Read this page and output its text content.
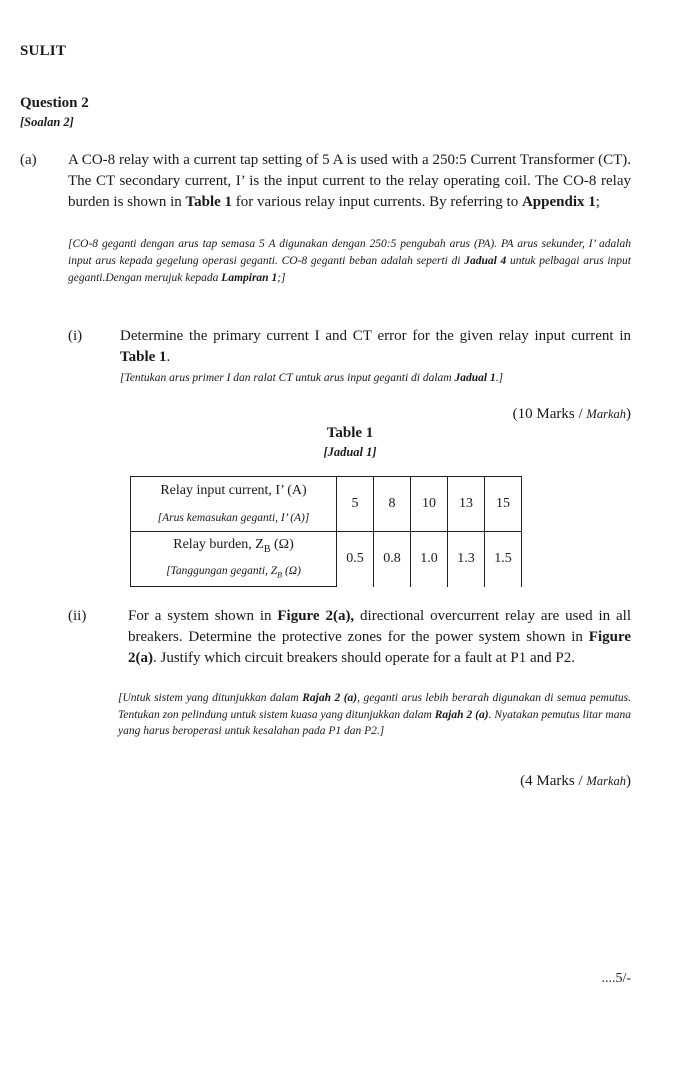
SULIT
Question 2
[Soalan 2]
(a) A CO-8 relay with a current tap setting of 5 A is used with a 250:5 Current Transformer (CT). The CT secondary current, I’ is the input current to the relay operating coil. The CO-8 relay burden is shown in Table 1 for various relay input currents. By referring to Appendix 1;
[CO-8 geganti dengan arus tap semasa 5 A digunakan dengan 250:5 pengubah arus (PA). PA arus sekunder, I’ adalah input arus kepada gegelung operasi geganti. CO-8 geganti beban adalah seperti di Jadual 4 untuk pelbagai arus input geganti.Dengan merujuk kepada Lampiran 1;]
(i)	Determine the primary current I and CT error for the given relay input current in Table 1.
[Tentukan arus primer I dan ralat CT untuk arus input geganti di dalam Jadual 1.]
(10 Marks / Markah)
Table 1
[Jadual 1]
Relay input current, I’ (A)	5	8	10	13	15
[Arus kemasukan geganti, I’ (A)]					
Relay burden, $Z_B$ (Ω)	0.5	0.8	1.0	1.3	1.5
[Tanggungan geganti, $Z_B$ (Ω)					
(ii)	For a system shown in Figure 2(a), directional overcurrent relay are used in all breakers. Determine the protective zones for the power system shown in Figure 2(a). Justify which circuit breakers should operate for a fault at P1 and P2.
[Untuk sistem yang ditunjukkan dalam Rajah 2 (a), geganti arus lebih berarah digunakan di semua pemutus. Tentukan zon pelindung untuk sistem kuasa yang ditunjukkan dalam Rajah 2 (a). Nyatakan pemutus litar mana yang harus beroperasi untuk kesalahan pada P1 dan P2.]
(4 Marks / Markah)
....5/-
